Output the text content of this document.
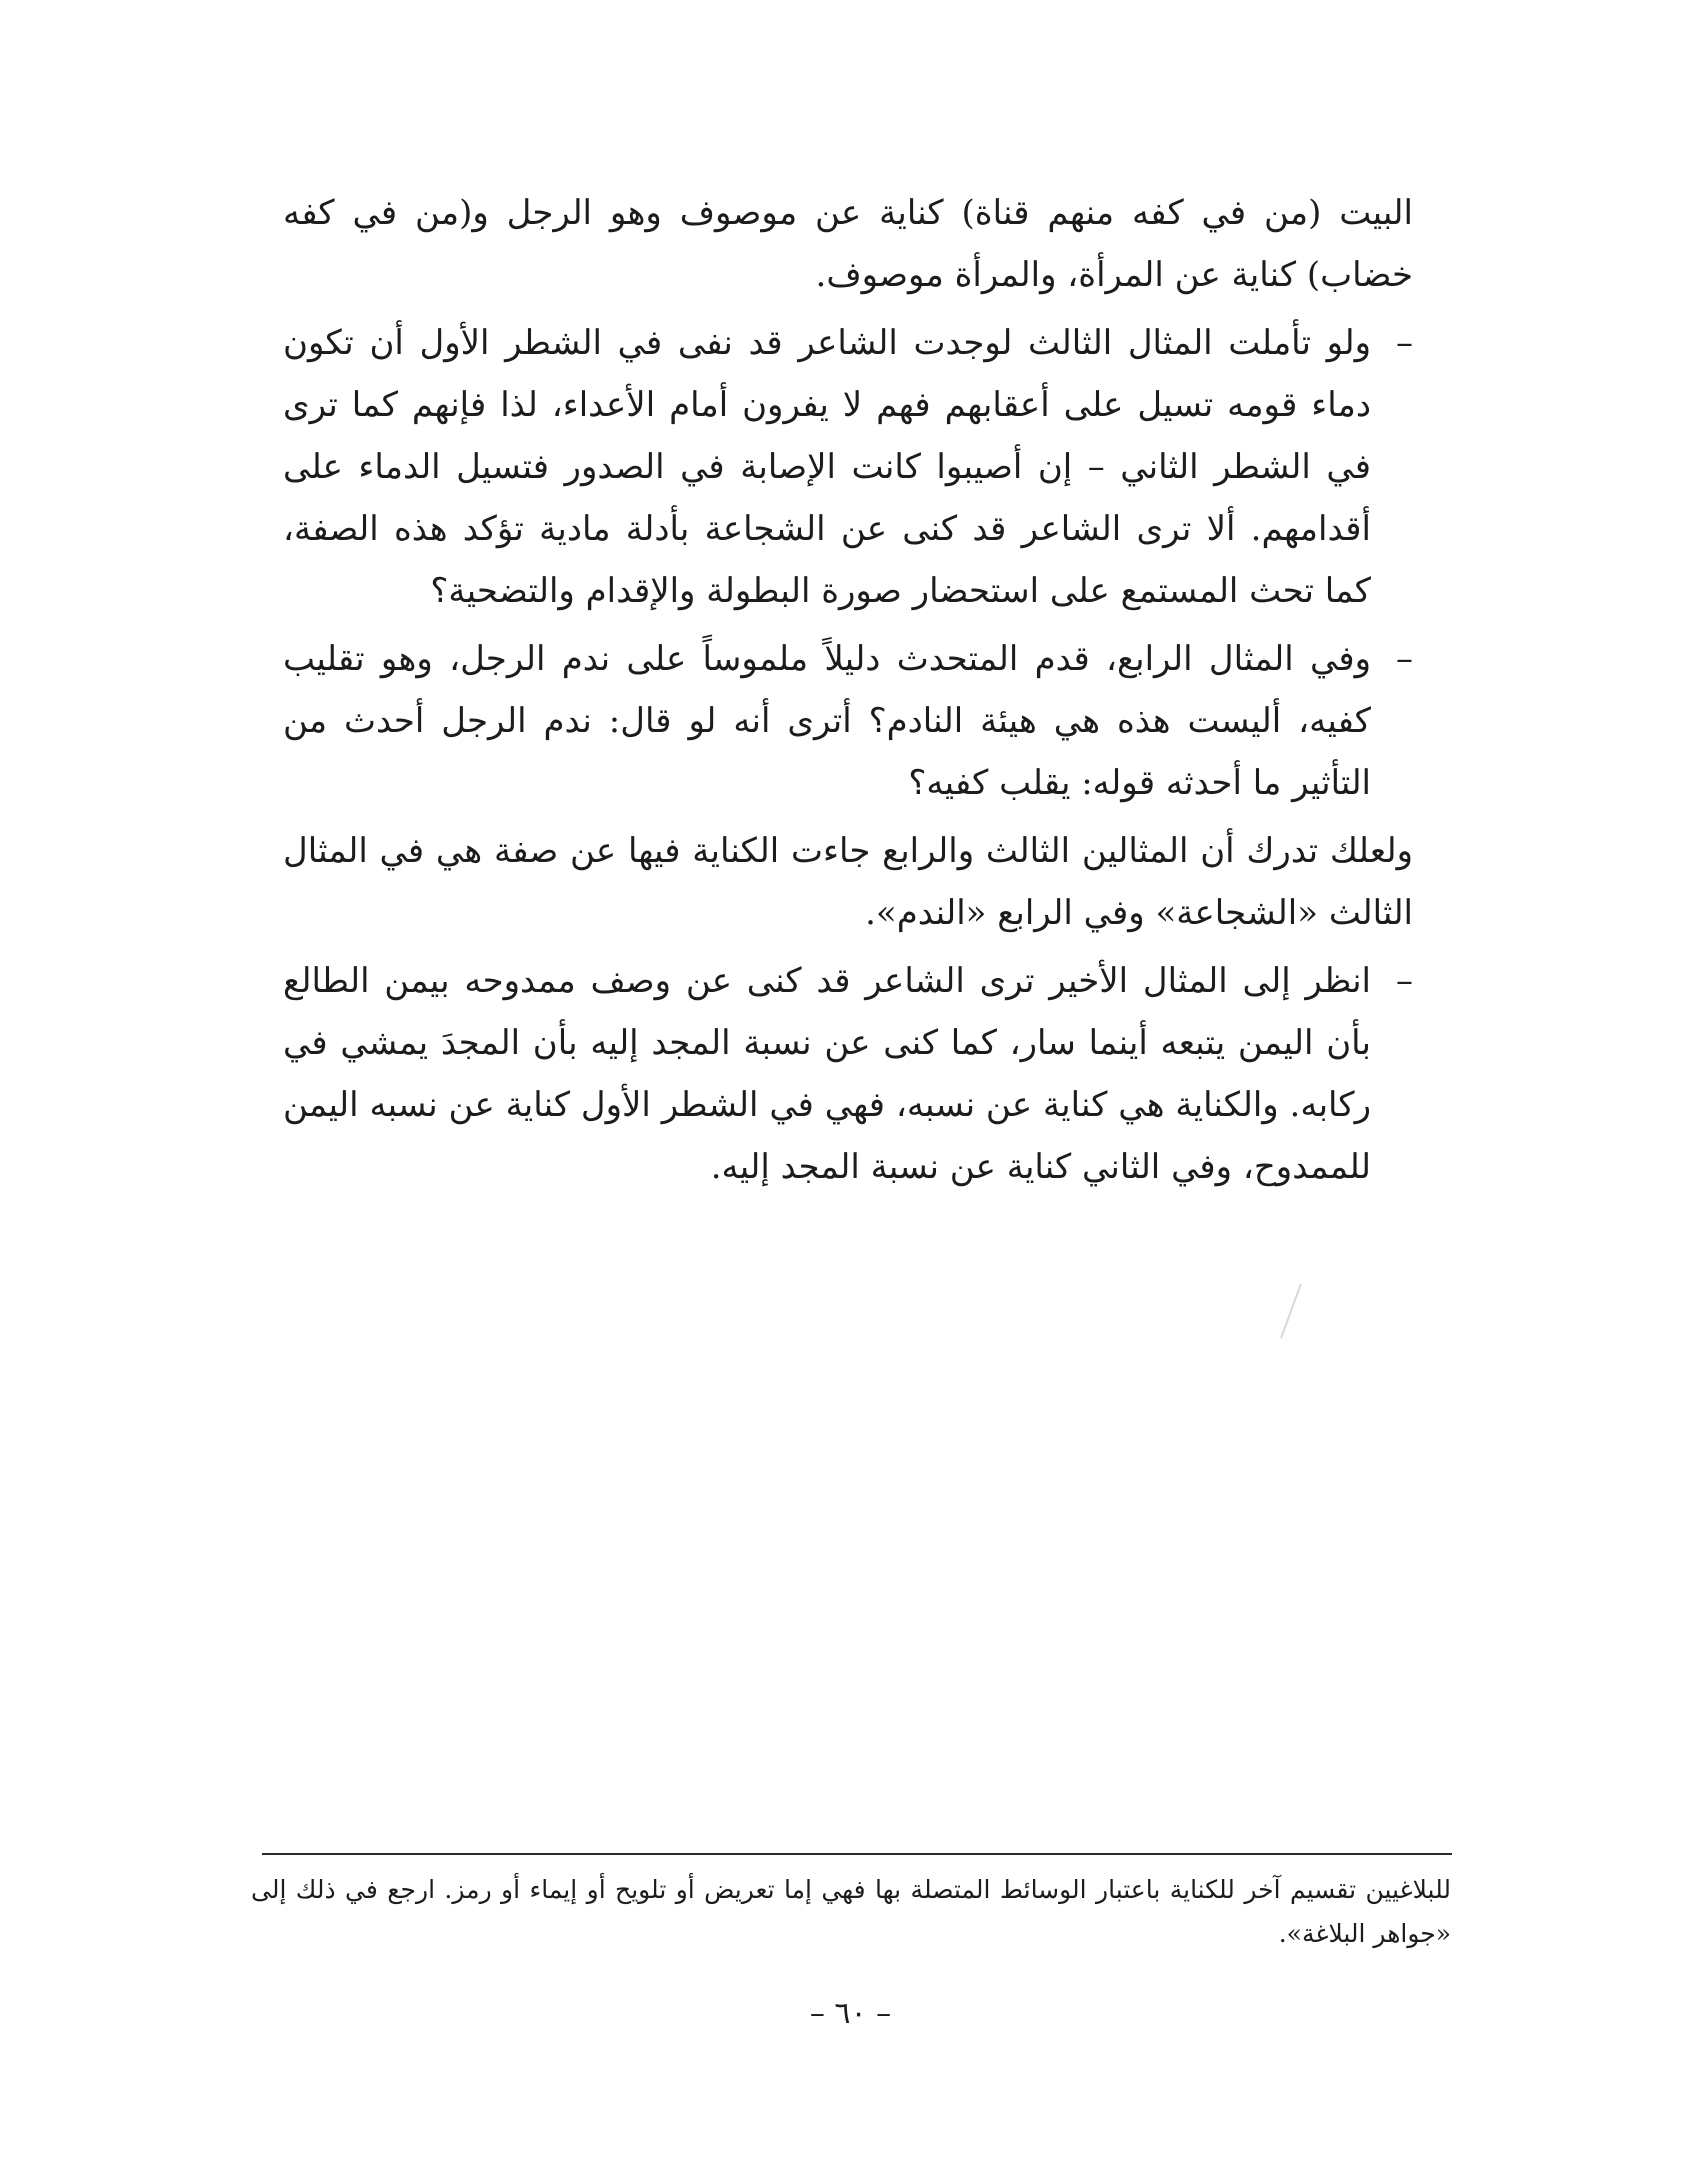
البيت (من في كفه منهم قناة) كناية عن موصوف وهو الرجل و(من في كفه خضاب) كناية عن المرأة، والمرأة موصوف.

–
ولو تأملت المثال الثالث لوجدت الشاعر قد نفى في الشطر الأول أن تكون دماء قومه تسيل على أعقابهم فهم لا يفرون أمام الأعداء، لذا فإنهم كما ترى في الشطر الثاني – إن أصيبوا كانت الإصابة في الصدور فتسيل الدماء على أقدامهم. ألا ترى الشاعر قد كنى عن الشجاعة بأدلة مادية تؤكد هذه الصفة، كما تحث المستمع على استحضار صورة البطولة والإقدام والتضحية؟

–
وفي المثال الرابع، قدم المتحدث دليلاً ملموساً على ندم الرجل، وهو تقليب كفيه، أليست هذه هي هيئة النادم؟ أترى أنه لو قال: ندم الرجل أحدث من التأثير ما أحدثه قوله: يقلب كفيه؟

ولعلك تدرك أن المثالين الثالث والرابع جاءت الكناية فيها عن صفة هي في المثال الثالث «الشجاعة» وفي الرابع «الندم».

–
انظر إلى المثال الأخير ترى الشاعر قد كنى عن وصف ممدوحه بيمن الطالع بأن اليمن يتبعه أينما سار، كما كنى عن نسبة المجد إليه بأن المجدَ يمشي في ركابه. والكناية هي كناية عن نسبه، فهي في الشطر الأول كناية عن نسبه اليمن للممدوح، وفي الثاني كناية عن نسبة المجد إليه.

للبلاغيين تقسيم آخر للكناية باعتبار الوسائط المتصلة بها فهي إما تعريض أو تلويح أو إيماء أو رمز. ارجع في ذلك إلى «جواهر البلاغة».

– ٦٠ –
